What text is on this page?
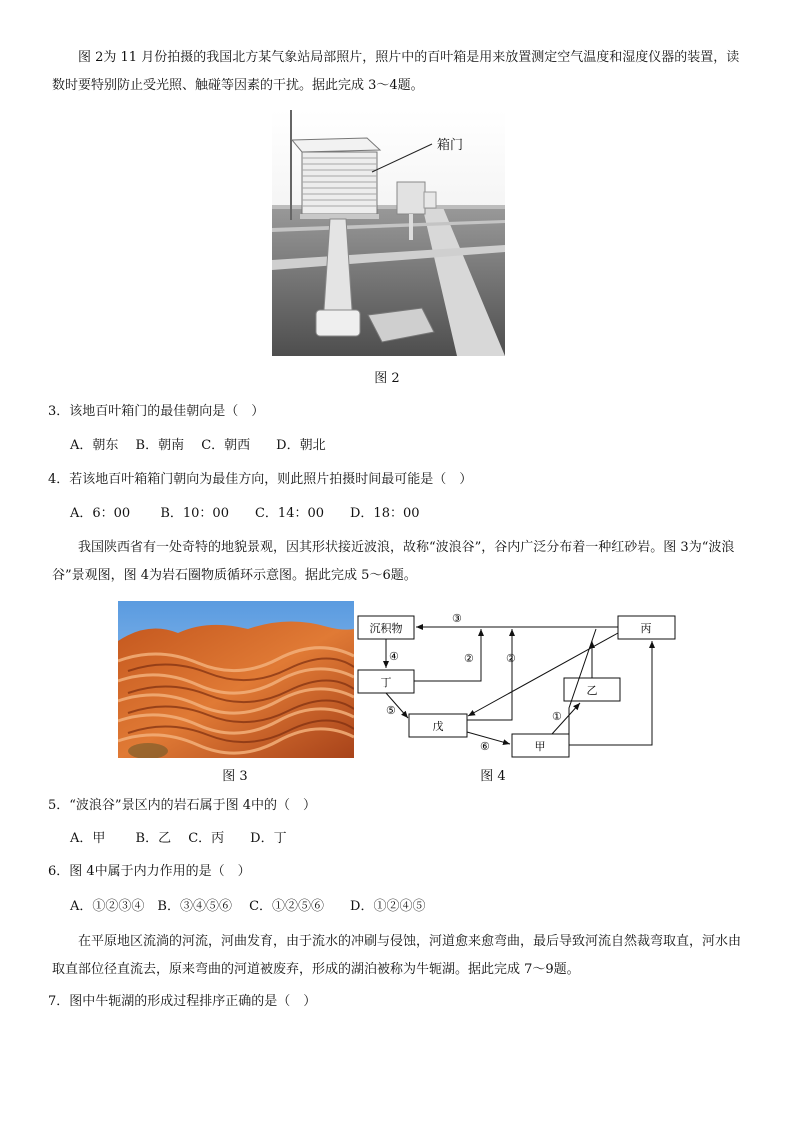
图 2为 11 月份拍摄的我国北方某气象站局部照片，照片中的百叶箱是用来放置测定空气温度和湿度仪器的装置，读数时要特别防止受光照、触碰等因素的干扰。据此完成 3～4题。
箱门
图 2
3．该地百叶箱门的最佳朝向是（　）
A．朝东　 B．朝南　 C．朝西　　D．朝北
4．若该地百叶箱箱门朝向为最佳方向，则此照片拍摄时间最可能是（　）
A．6：00　　 B．10：00　　C．14：00　　D．18：00
我国陕西省有一处奇特的地貌景观，因其形状接近波浪，故称“波浪谷”，谷内广泛分布着一种红砂岩。图 3为“波浪谷”景观图，图 4为岩石圈物质循环示意图。据此完成 5～6题。
图 3
沉积物	丙
丁
乙
戊
甲
③
④	②	②
⑤
⑥
①
图 4
5．“波浪谷”景区内的岩石属于图 4中的（　）
A．甲　　 B．乙　 C．丙　　D．丁
6．图 4中属于内力作用的是（　）
A．①②③④　B．③④⑤⑥　 C．①②⑤⑥　　D．①②④⑤
在平原地区流淌的河流，河曲发育，由于流水的冲刷与侵蚀，河道愈来愈弯曲，最后导致河流自然裁弯取直，河水由取直部位径直流去，原来弯曲的河道被废弃，形成的湖泊被称为牛轭湖。据此完成 7～9题。
7．图中牛轭湖的形成过程排序正确的是（　）
